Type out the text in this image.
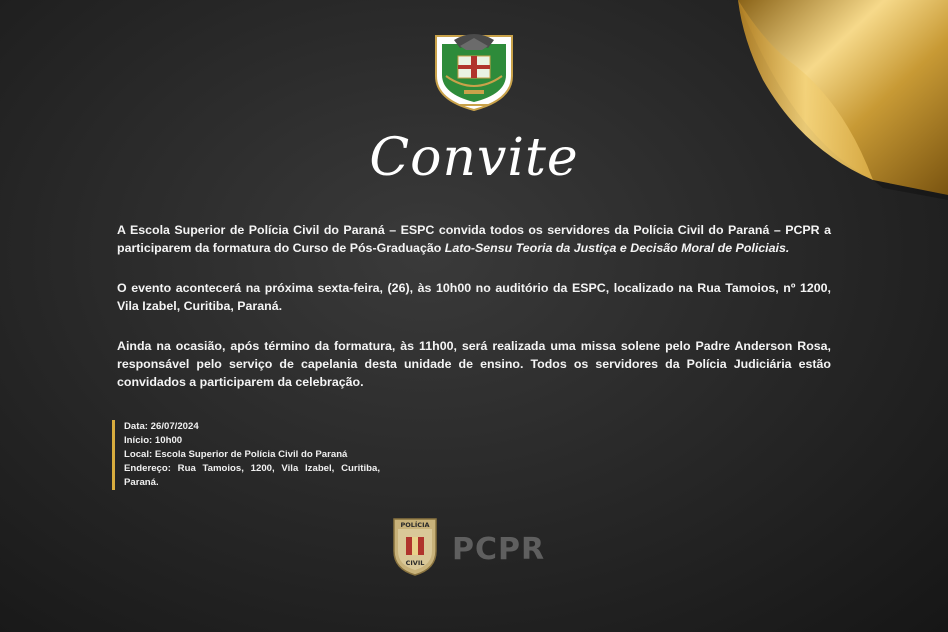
Convite

A Escola Superior de Polícia Civil do Paraná – ESPC convida todos os servidores da Polícia Civil do Paraná – PCPR a participarem da formatura do Curso de Pós-Graduação Lato-Sensu Teoria da Justiça e Decisão Moral de Policiais.

O evento acontecerá na próxima sexta-feira, (26), às 10h00 no auditório da ESPC, localizado na Rua Tamoios, nº 1200, Vila Izabel, Curitiba, Paraná.

Ainda na ocasião, após término da formatura, às 11h00, será realizada uma missa solene pelo Padre Anderson Rosa, responsável pelo serviço de capelania desta unidade de ensino. Todos os servidores da Polícia Judiciária estão convidados a participarem da celebração.

Data: 26/07/2024
Início: 10h00
Local: Escola Superior de Polícia Civil do Paraná
Endereço: Rua Tamoios, 1200, Vila Izabel, Curitiba, Paraná.
POLÍCIA
CIVIL PCPR
